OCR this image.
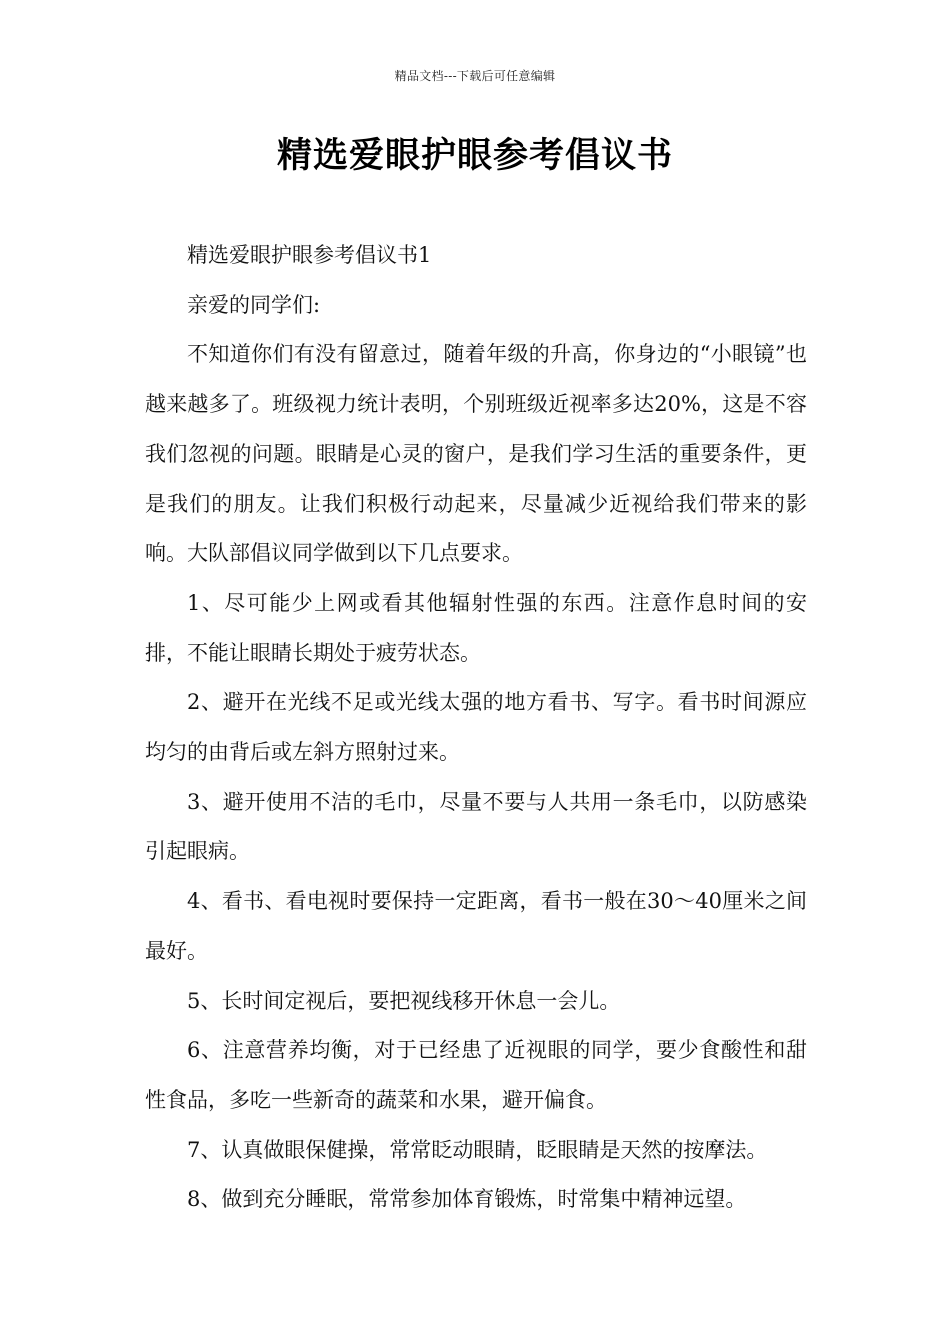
精品文档---下载后可任意编辑
精选爱眼护眼参考倡议书

精选爱眼护眼参考倡议书1

亲爱的同学们:

不知道你们有没有留意过，随着年级的升高，你身边的“小眼镜”也越来越多了。班级视力统计表明，个别班级近视率多达20%，这是不容我们忽视的问题。眼睛是心灵的窗户，是我们学习生活的重要条件，更是我们的朋友。让我们积极行动起来，尽量减少近视给我们带来的影响。大队部倡议同学做到以下几点要求。

1、尽可能少上网或看其他辐射性强的东西。注意作息时间的安排，不能让眼睛长期处于疲劳状态。

2、避开在光线不足或光线太强的地方看书、写字。看书时间源应均匀的由背后或左斜方照射过来。

3、避开使用不洁的毛巾，尽量不要与人共用一条毛巾，以防感染引起眼病。

4、看书、看电视时要保持一定距离，看书一般在30～40厘米之间最好。

5、长时间定视后，要把视线移开休息一会儿。

6、注意营养均衡，对于已经患了近视眼的同学，要少食酸性和甜性食品，多吃一些新奇的蔬菜和水果，避开偏食。

7、认真做眼保健操，常常眨动眼睛，眨眼睛是天然的按摩法。

8、做到充分睡眠，常常参加体育锻炼，时常集中精神远望。
